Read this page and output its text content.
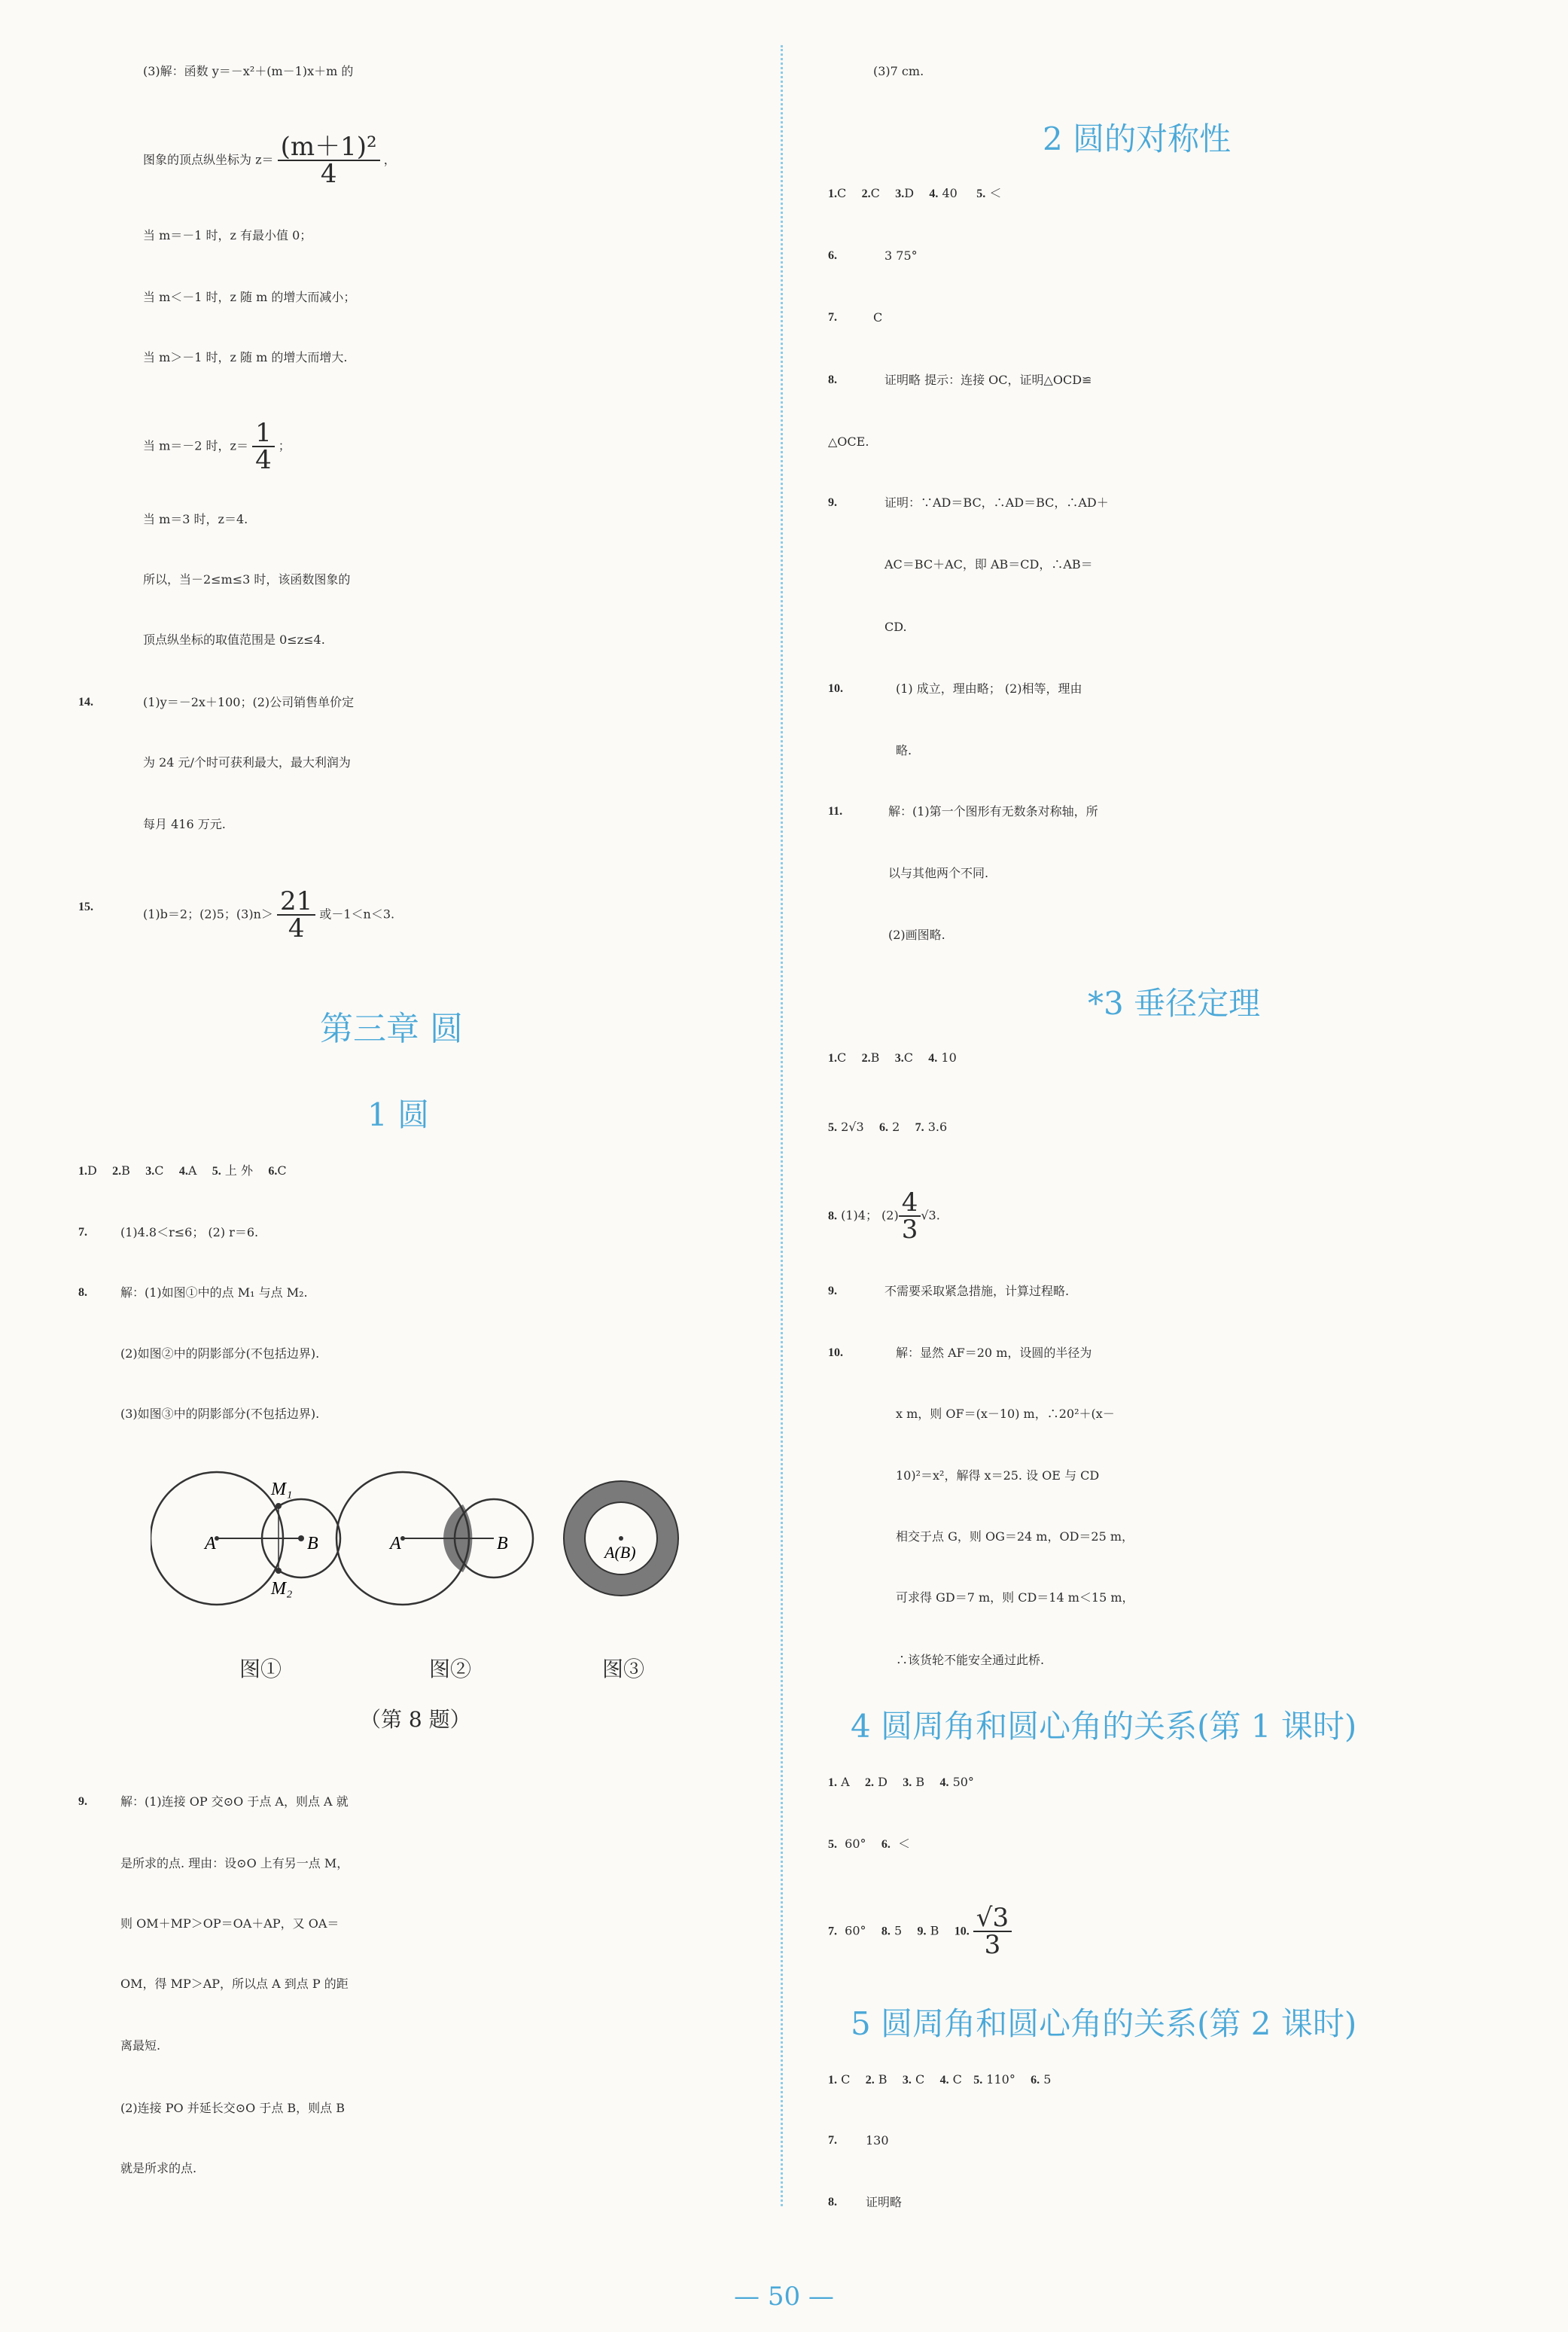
(3)解：函数 y＝－x²＋(m－1)x＋m 的
图象的顶点纵坐标为 $z= \frac{\text{(m＋1)²}}{4}$ ，
当 m＝－1 时，z 有最小值 0；
当 m＜－1 时，z 随 m 的增大而减小；
当 m＞－1 时，z 随 m 的增大而增大.
当 m＝－2 时，$z= \frac{1}{4}$ ；
当 m＝3 时，z＝4.
所以，当－2≤m≤3 时，该函数图象的
顶点纵坐标的取值范围是 0≤z≤4.
14.	(1)y＝－2x＋100；(2)公司销售单价定
为 24 元/个时可获利最大，最大利润为
每月 416 万元.
15.	(1)b＝2；(2)5；$(3)n> \frac{21}{4}$ 或－1＜n＜3.
第三章 圆
1 圆
1.D 2.B 3.C 4.A 5. 上 外 6.C
7.	(1)4.8＜r≤6； (2) r＝6.
8.	解：(1)如图①中的点 M₁ 与点 M₂.
(2)如图②中的阴影部分(不包括边界).
(3)如图③中的阴影部分(不包括边界).
A	B
M₁
M₂
A	B	A(B)
图①	图②	图③
（第 8 题）
9.	解：(1)连接 OP 交⊙O 于点 A，则点 A 就
是所求的点. 理由：设⊙O 上有另一点 M，
则 OM＋MP＞OP＝OA＋AP，又 OA＝
OM，得 MP＞AP，所以点 A 到点 P 的距
离最短.
(2)连接 PO 并延长交⊙O 于点 B，则点 B
就是所求的点.
(3)7 cm.
2 圆的对称性
1.C 2.C 3.D 4. 40 5. ＜
6.	3 75°
7.	C
8.	证明略 提示：连接 OC，证明△OCD≌
△OCE.
9.	证明：∵AD＝BC，∴AD＝BC，∴AD＋
AC＝BC＋AC，即 AB＝CD，∴AB＝
CD.
10.	(1) 成立，理由略； (2)相等，理由
略.
11.	解：(1)第一个图形有无数条对称轴，所
以与其他两个不同.
(2)画图略.
*3 垂径定理
1.C 2.B 3.C 4. 10
5. 2√3 6. 2 7. 3.6
8. (1)4； $(2) \frac{4}{3} √3$.
9.	不需要采取紧急措施，计算过程略.
10.	解：显然 AF＝20 m，设圆的半径为
x m，则 OF＝(x－10) m，∴20²＋(x－
10)²＝x²，解得 x＝25. 设 OE 与 CD
相交于点 G，则 OG＝24 m，OD＝25 m，
可求得 GD＝7 m，则 CD＝14 m＜15 m，
∴该货轮不能安全通过此桥.
4 圆周角和圆心角的关系(第 1 课时)
1. A 2. D 3. B 4. 50°
5. 60° 6. ＜
7. 60° 8. 5 9. B 10. $\frac{√3}{3}$
5 圆周角和圆心角的关系(第 2 课时)
1. C 2. B 3. C 4. C 5. 110° 6. 5
7. 130
8. 证明略
— 50 —
